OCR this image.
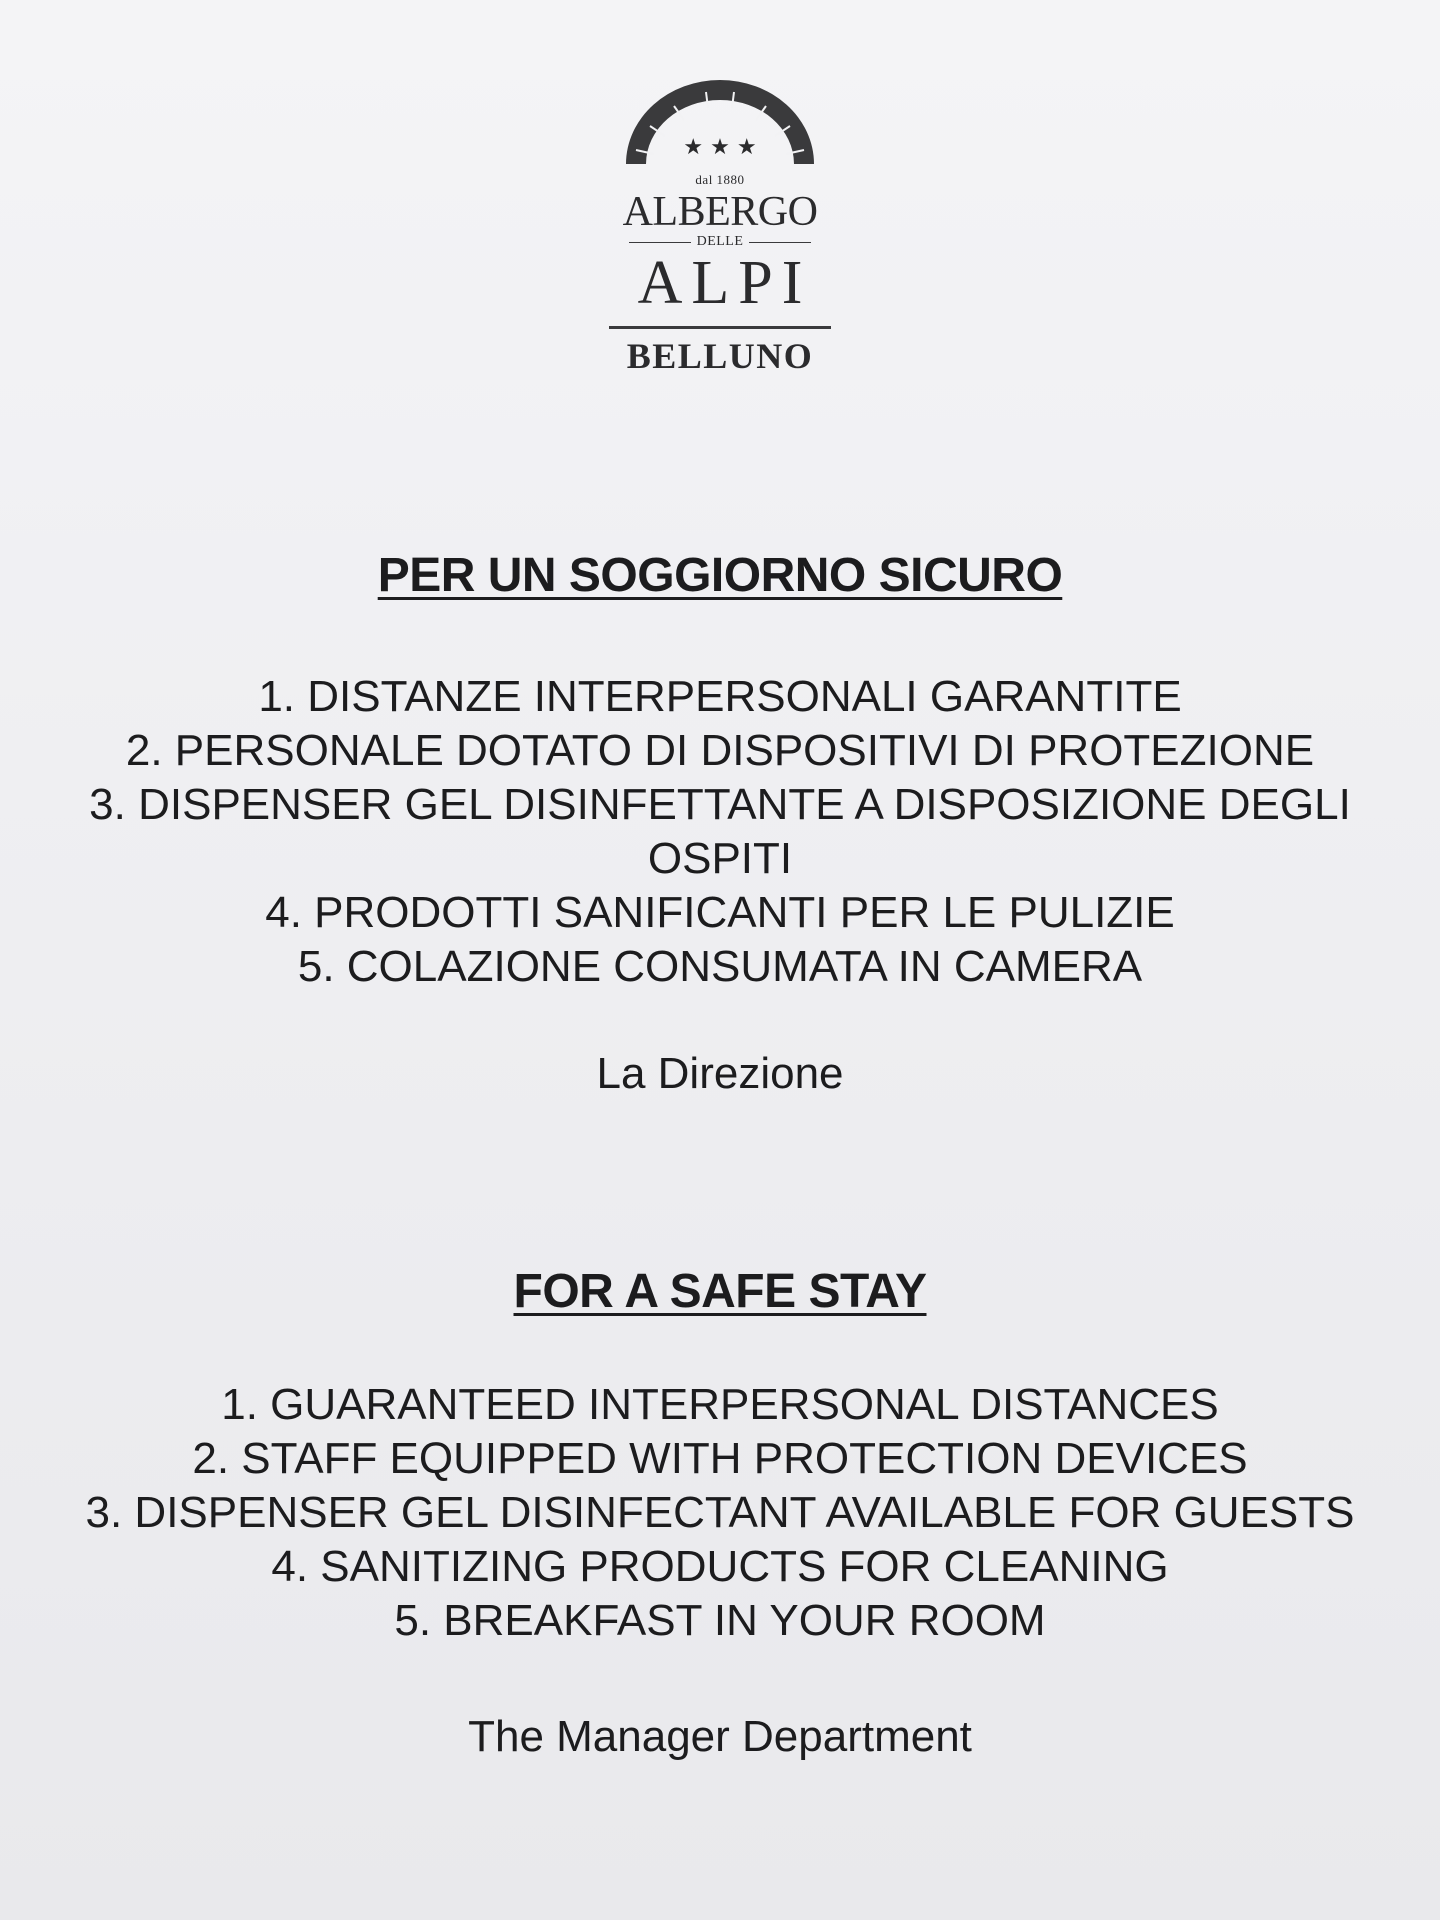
★ ★ ★
dal 1880
ALBERGO
DELLE
ALPI
BELLUNO
PER UN SOGGIORNO SICURO
1. DISTANZE INTERPERSONALI GARANTITE
2. PERSONALE DOTATO DI DISPOSITIVI DI PROTEZIONE
3. DISPENSER GEL DISINFETTANTE A DISPOSIZIONE DEGLI
OSPITI
4. PRODOTTI SANIFICANTI PER LE PULIZIE
5. COLAZIONE CONSUMATA IN CAMERA
La Direzione
FOR A SAFE STAY
1. GUARANTEED INTERPERSONAL DISTANCES
2. STAFF EQUIPPED WITH PROTECTION DEVICES
3. DISPENSER GEL DISINFECTANT AVAILABLE FOR GUESTS
4. SANITIZING PRODUCTS FOR CLEANING
5. BREAKFAST IN YOUR ROOM
The Manager Department
